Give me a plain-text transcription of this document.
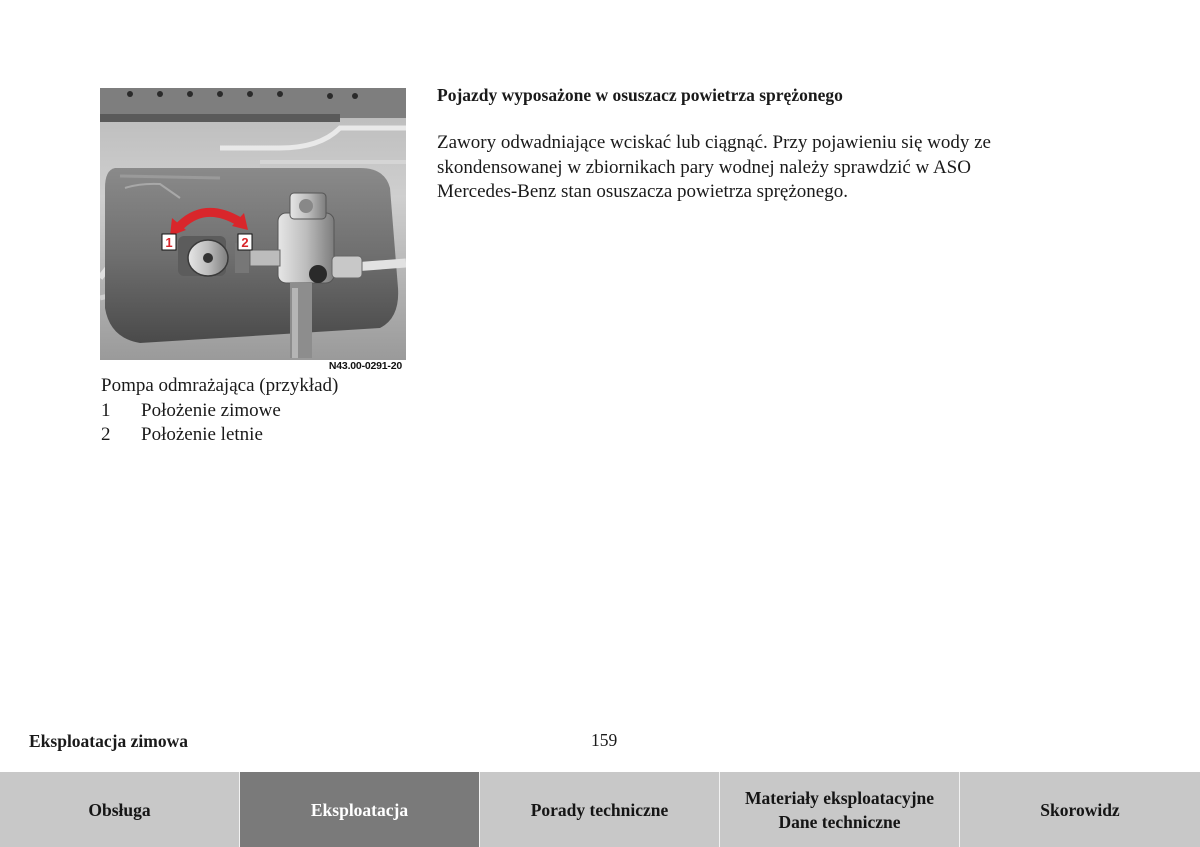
1	2
N43.00-0291-20
Pompa odmrażająca (przykład)
1	Położenie zimowe
2	Położenie letnie
Pojazdy wyposażone w osuszacz powietrza sprężonego
Zawory odwadniające wciskać lub ciągnąć. Przy pojawieniu się wody ze
skondensowanej w zbiornikach pary wodnej należy sprawdzić w ASO
Mercedes-Benz stan osuszacza powietrza sprężonego.
Eksploatacja zimowa	159
Obsługa	Eksploatacja	Porady techniczne
Materiały eksploatacyjne
Dane techniczne
Skorowidz
